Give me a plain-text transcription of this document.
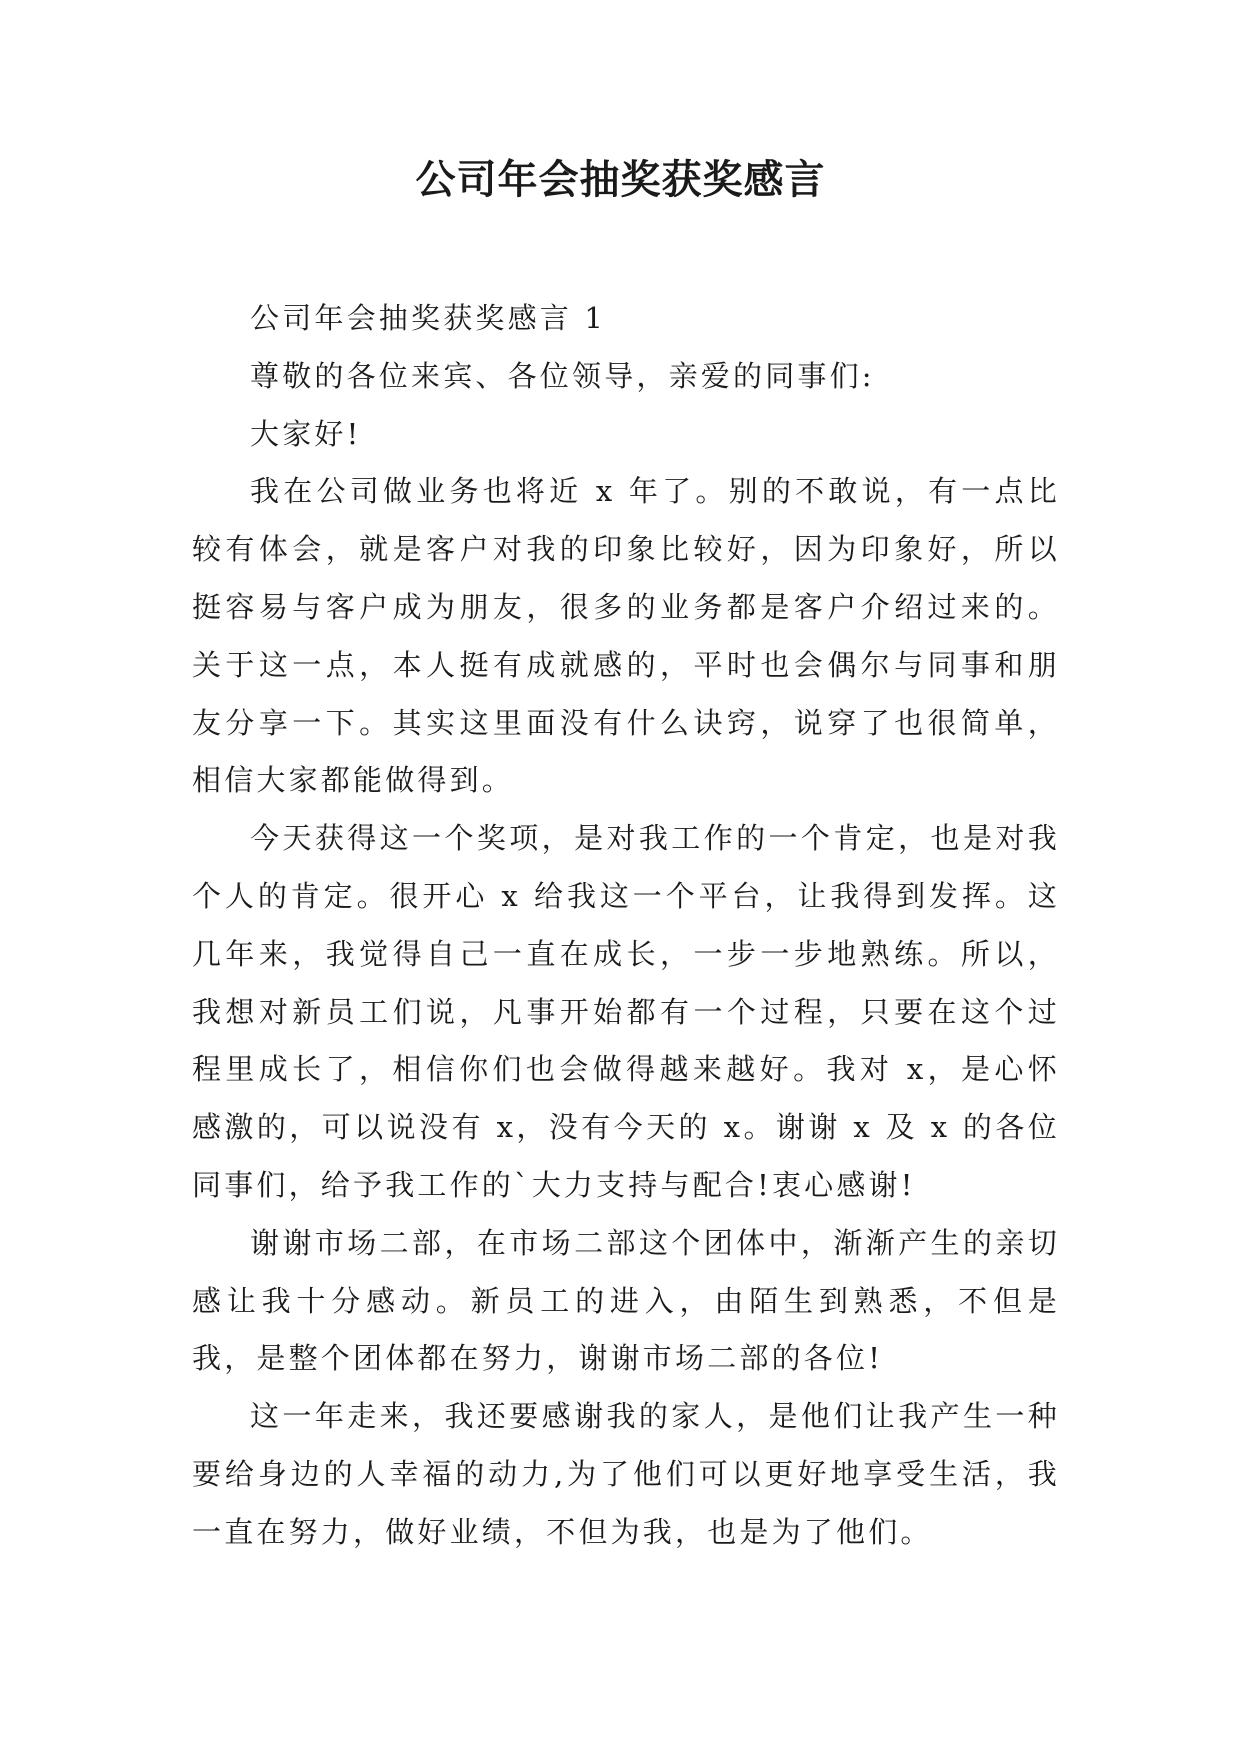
公司年会抽奖获奖感言

公司年会抽奖获奖感言 1

尊敬的各位来宾、各位领导，亲爱的同事们:

大家好!

我在公司做业务也将近 x 年了。别的不敢说，有一点比较有体会，就是客户对我的印象比较好，因为印象好，所以挺容易与客户成为朋友，很多的业务都是客户介绍过来的。关于这一点，本人挺有成就感的，平时也会偶尔与同事和朋友分享一下。其实这里面没有什么诀窍，说穿了也很简单，相信大家都能做得到。

今天获得这一个奖项，是对我工作的一个肯定，也是对我个人的肯定。很开心 x 给我这一个平台，让我得到发挥。这几年来，我觉得自己一直在成长，一步一步地熟练。所以，我想对新员工们说，凡事开始都有一个过程，只要在这个过程里成长了，相信你们也会做得越来越好。我对 x，是心怀感激的，可以说没有 x，没有今天的 x。谢谢 x 及 x 的各位同事们，给予我工作的`大力支持与配合!衷心感谢!

谢谢市场二部，在市场二部这个团体中，渐渐产生的亲切感让我十分感动。新员工的进入，由陌生到熟悉，不但是我，是整个团体都在努力，谢谢市场二部的各位!

这一年走来，我还要感谢我的家人，是他们让我产生一种要给身边的人幸福的动力,为了他们可以更好地享受生活，我一直在努力，做好业绩，不但为我，也是为了他们。
